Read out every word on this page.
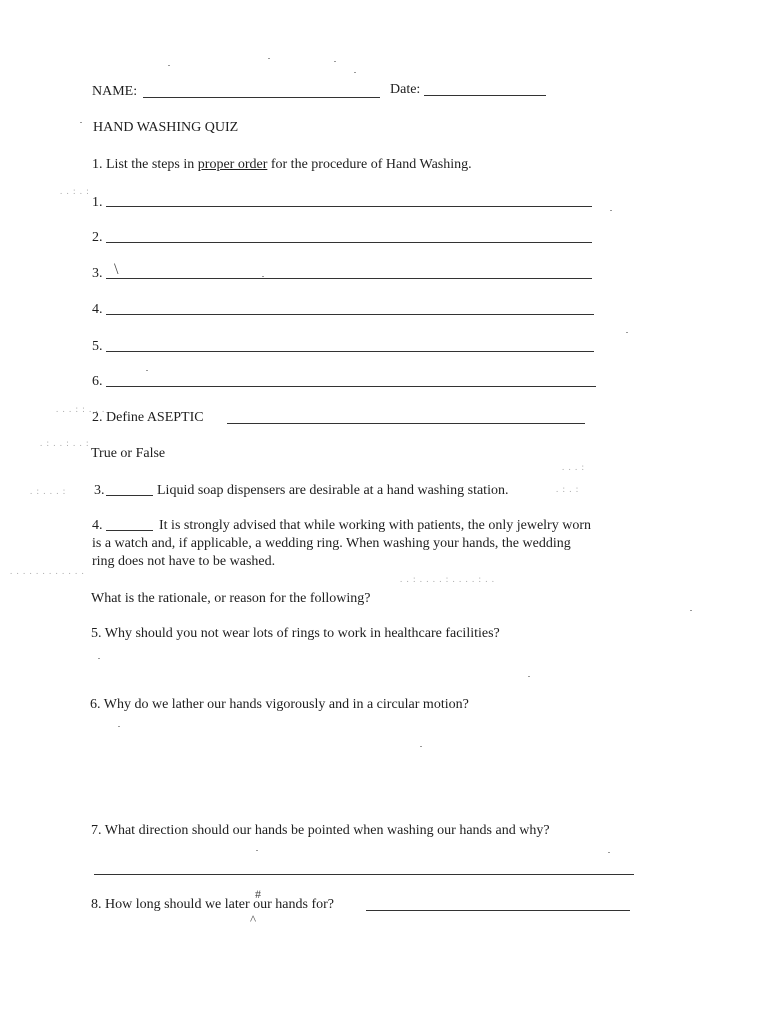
NAME:	Date:
HAND WASHING QUIZ
1. List the steps in proper order for the procedure of Hand Washing.
1.
2.
3. \
4.
5.
6.
2. Define ASEPTIC
True or False
3.	Liquid soap dispensers are desirable at a hand washing station.
4.	It is strongly advised that while working with patients, the only jewelry worn
is a watch and, if applicable, a wedding ring. When washing your hands, the wedding
ring does not have to be washed.
What is the rationale, or reason for the following?
5. Why should you not wear lots of rings to work in healthcare facilities?
6. Why do we lather our hands vigorously and in a circular motion?
7. What direction should our hands be pointed when washing our hands and why?
8. How long should we later our hands for?
#
^
. . : . :
. . . : : . . .
. : . . : . . :
. : . . . :
. . . . . . . . . . . .
. . : . . . . : . . . . : . .
. : . :
. . . :
